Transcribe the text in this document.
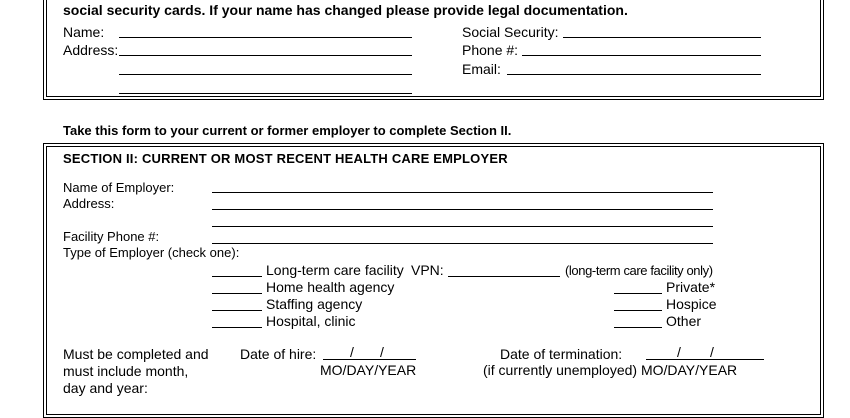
social security cards. If your name has changed please provide legal documentation.
Name:
Address:
Social Security:
Phone #:
Email:
Take this form to your current or former employer to complete Section II.
SECTION II: CURRENT OR MOST RECENT HEALTH CARE EMPLOYER
Name of Employer:
Address:
Facility Phone #:
Type of Employer (check one):
Long-term care facility VPN:	(long-term care facility only)
Home health agency
Staffing agency
Hospital, clinic
Private*
Hospice
Other
Must be completed and
must include month,
day and year:
Date of hire: / /
MO/DAY/YEAR
Date of termination:	/ /
(if currently unemployed) MO/DAY/YEAR
